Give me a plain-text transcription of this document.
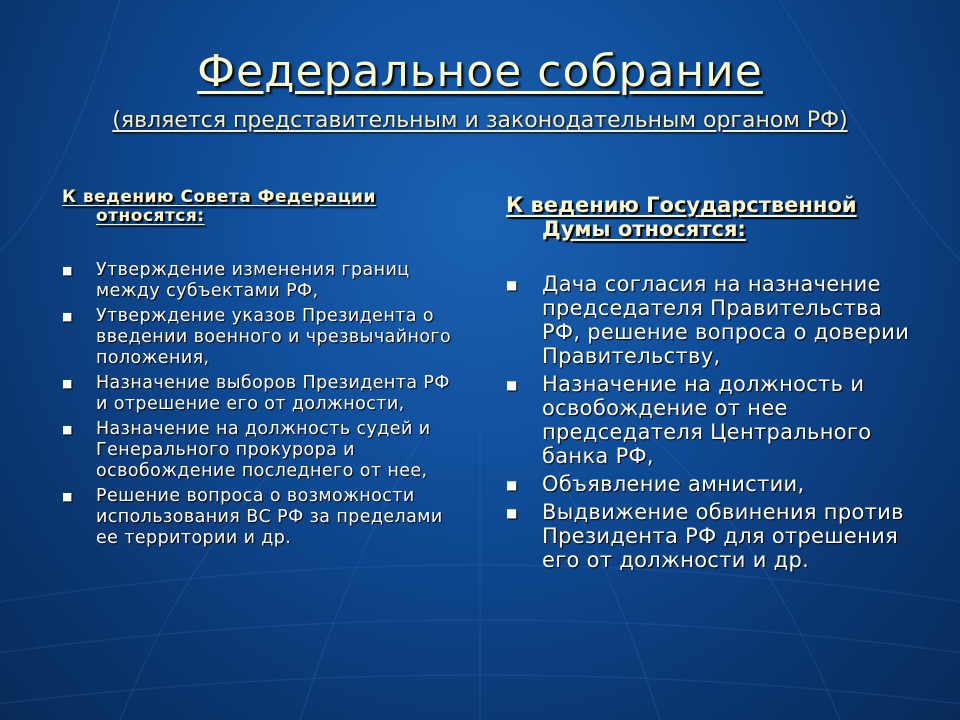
Федеральное собрание
(является представительным и законодательным органом РФ)
К ведению Совета Федерации
относятся:
■ Утверждение изменения границ между субъектами РФ,
■ Утверждение указов Президента о введении военного и чрезвычайного положения,
■ Назначение выборов Президента РФ и отрешение его от должности,
■ Назначение на должность судей и Генерального прокурора и освобождение последнего от нее,
■ Решение вопроса о возможности использования ВС РФ за пределами ее территории и др.
К ведению Государственной
Думы относятся:
■ Дача согласия на назначение председателя Правительства РФ, решение вопроса о доверии Правительству,
■ Назначение на должность и освобождение от нее председателя Центрального банка РФ,
■ Объявление амнистии,
■ Выдвижение обвинения против Президента РФ для отрешения его от должности и др.
